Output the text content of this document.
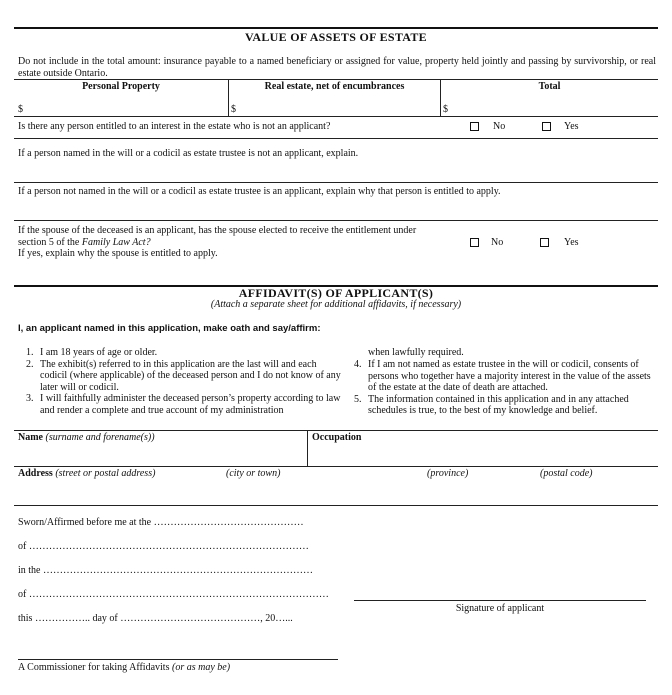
VALUE OF ASSETS OF ESTATE
Do not include in the total amount: insurance payable to a named beneficiary or assigned for value, property held jointly and passing by survivorship, or real estate outside Ontario.
Personal Property	Real estate, net of encumbrances	Total
$	$	$
Is there any person entitled to an interest in the estate who is not an applicant?	No	Yes
If a person named in the will or a codicil as estate trustee is not an applicant, explain.
If a person not named in the will or a codicil as estate trustee is an applicant, explain why that person is entitled to apply.
If the spouse of the deceased is an applicant, has the spouse elected to receive the entitlement under
section 5 of the Family Law Act?
If yes, explain why the spouse is entitled to apply.
No	Yes
AFFIDAVIT(S) OF APPLICANT(S)
(Attach a separate sheet for additional affidavits, if necessary)
I, an applicant named in this application, make oath and say/affirm:
1. I am 18 years of age or older.
2. The exhibit(s) referred to in this application are the last will and each codicil (where applicable) of the deceased person and I do not know of any later will or codicil.
3. I will faithfully administer the deceased person’s property according to law and render a complete and true account of my administration
when lawfully required.
4. If I am not named as estate trustee in the will or codicil, consents of persons who together have a majority interest in the value of the assets of the estate at the date of death are attached.
5. The information contained in this application and in any attached schedules is true, to the best of my knowledge and belief.
Name (surname and forename(s))	Occupation
Address (street or postal address)	(city or town)	(province)	(postal code)
Sworn/Affirmed before me at the ………………………………………
of …………………………………………………………………………
in the ………………………………………………………………………
of ………………………………………………………………………………
this …………….. day of ……………………………………, 20…...
Signature of applicant
A Commissioner for taking Affidavits (or as may be)
